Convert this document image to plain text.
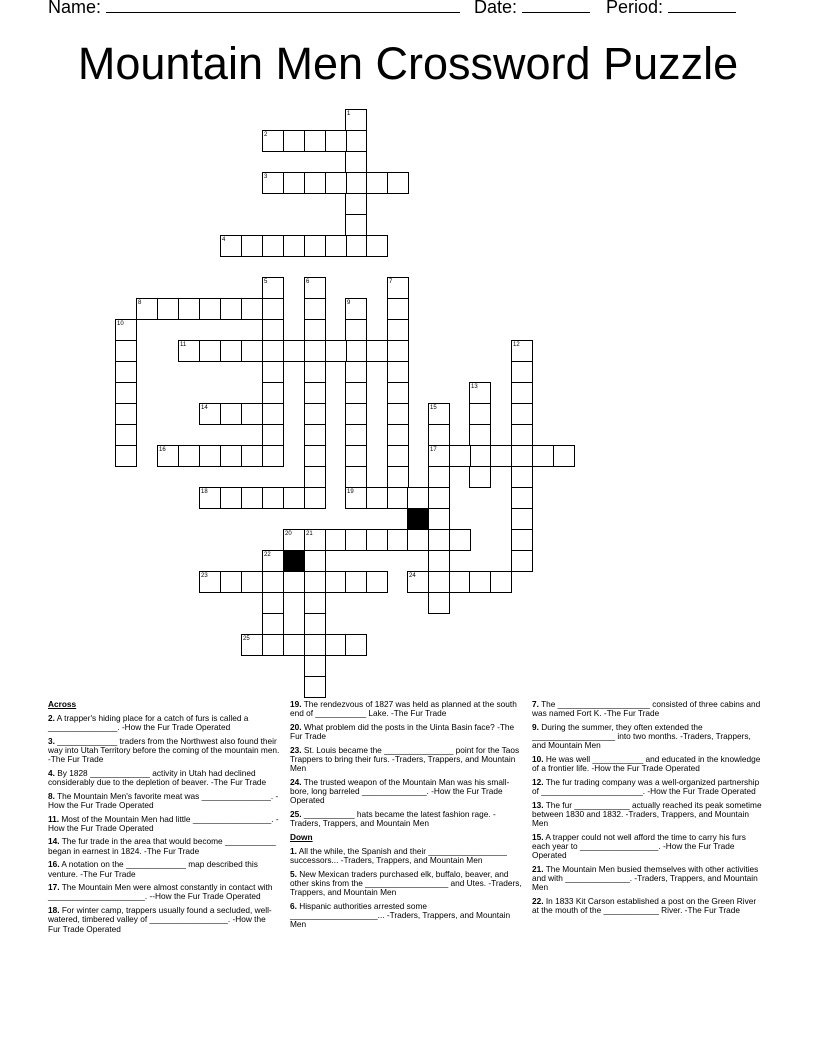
Name:	Date:	Period:
Mountain Men Crossword Puzzle
1
2
3
4
5	6	7
8	9
10
11	12
13
14	15
16	17
18	19
20 21
22
23	24
25

Across

2. A trapper's hiding place for a catch of furs is called a _______________. -How the Fur Trade Operated

3. _____________ traders from the Northwest also found their way into Utah Territory before the coming of the mountain men. -The Fur Trade

4. By 1828 _____________ activity in Utah had declined considerably due to the depletion of beaver. -The Fur Trade

8. The Mountain Men's favorite meat was _______________. -How the Fur Trade Operated

11. Most of the Mountain Men had little _________________. -How the Fur Trade Operated

14. The fur trade in the area that would become ___________ began in earnest in 1824. -The Fur Trade

16. A notation on the _____________ map described this venture. -The Fur Trade

17. The Mountain Men were almost constantly in contact with _____________________. --How the Fur Trade Operated

18. For winter camp, trappers usually found a secluded, well-watered, timbered valley of _________________. -How the Fur Trade Operated

19. The rendezvous of 1827 was held as planned at the south end of ___________ Lake. -The Fur Trade

20. What problem did the posts in the Uinta Basin face? -The Fur Trade

23. St. Louis became the _______________ point for the Taos Trappers to bring their furs. -Traders, Trappers, and Mountain Men

24. The trusted weapon of the Mountain Man was his small-bore, long barreled ______________. -How the Fur Trade Operated

25. ___________ hats became the latest fashion rage. -Traders, Trappers, and Mountain Men

Down

1. All the while, the Spanish and their _________________ successors... -Traders, Trappers, and Mountain Men

5. New Mexican traders purchased elk, buffalo, beaver, and other skins from the __________________ and Utes. -Traders, Trappers, and Mountain Men

6. Hispanic authorities arrested some ___________________... -Traders, Trappers, and Mountain Men

7. The ____________________ consisted of three cabins and was named Fort K. -The Fur Trade

9. During the summer, they often extended the __________________ into two months. -Traders, Trappers, and Mountain Men

10. He was well ___________ and educated in the knowledge of a frontier life. -How the Fur Trade Operated

12. The fur trading company was a well-organized partnership of ______________________. -How the Fur Trade Operated

13. The fur ____________ actually reached its peak sometime between 1830 and 1832. -Traders, Trappers, and Mountain Men

15. A trapper could not well afford the time to carry his furs each year to _________________. -How the Fur Trade Operated

21. The Mountain Men busied themselves with other activities and with ______________. -Traders, Trappers, and Mountain Men

22. In 1833 Kit Carson established a post on the Green River at the mouth of the ____________ River. -The Fur Trade
